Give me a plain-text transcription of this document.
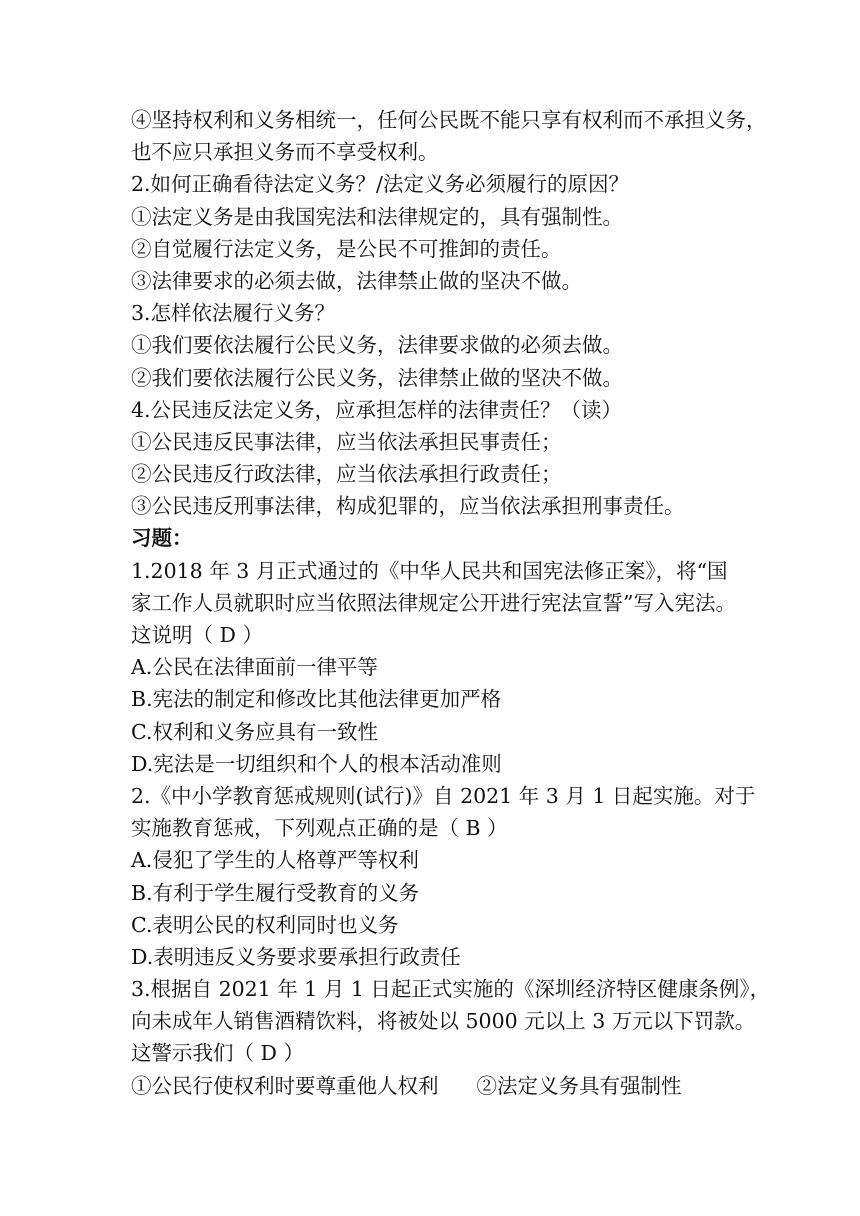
④坚持权利和义务相统一，任何公民既不能只享有权利而不承担义务，
也不应只承担义务而不享受权利。
2.如何正确看待法定义务？/法定义务必须履行的原因？
①法定义务是由我国宪法和法律规定的，具有强制性。
②自觉履行法定义务，是公民不可推卸的责任。
③法律要求的必须去做，法律禁止做的坚决不做。
3.怎样依法履行义务？
①我们要依法履行公民义务，法律要求做的必须去做。
②我们要依法履行公民义务，法律禁止做的坚决不做。
4.公民违反法定义务，应承担怎样的法律责任？（读）
①公民违反民事法律，应当依法承担民事责任；
②公民违反行政法律，应当依法承担行政责任；
③公民违反刑事法律，构成犯罪的，应当依法承担刑事责任。
习题：
1.2018 年 3 月正式通过的《中华人民共和国宪法修正案》，将“国
家工作人员就职时应当依照法律规定公开进行宪法宣誓”写入宪法。
这说明（ D ）
A.公民在法律面前一律平等
B.宪法的制定和修改比其他法律更加严格
C.权利和义务应具有一致性
D.宪法是一切组织和个人的根本活动准则
2.《中小学教育惩戒规则(试行)》自 2021 年 3 月 1 日起实施。对于
实施教育惩戒，下列观点正确的是（ B ）
A.侵犯了学生的人格尊严等权利
B.有利于学生履行受教育的义务
C.表明公民的权利同时也义务
D.表明违反义务要求要承担行政责任
3.根据自 2021 年 1 月 1 日起正式实施的《深圳经济特区健康条例》，
向未成年人销售酒精饮料，将被处以 5000 元以上 3 万元以下罚款。
这警示我们（ D ）
①公民行使权利时要尊重他人权利 ②法定义务具有强制性
